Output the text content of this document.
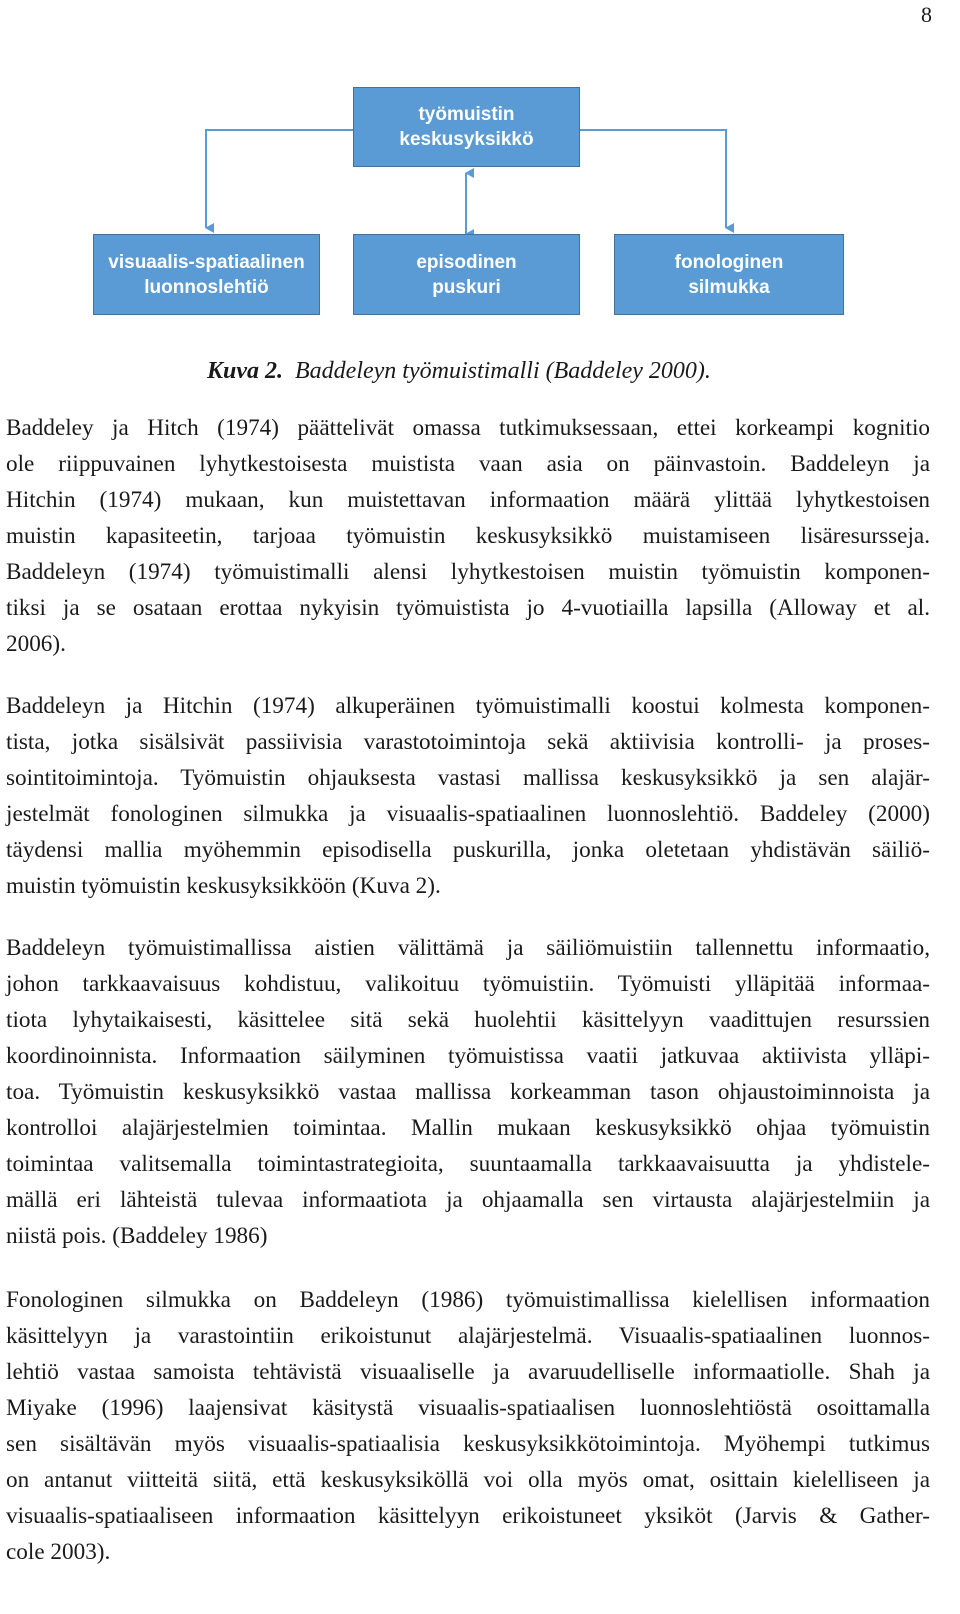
8
työmuistin
keskusyksikkö
visuaalis-spatiaalinen
luonnoslehtiö
episodinen
puskuri
fonologinen
silmukka
Kuva 2. Baddeleyn työmuistimalli (Baddeley 2000).

Baddeley ja Hitch (1974) päättelivät omassa tutkimuksessaan, ettei korkeampi kognitio
ole riippuvainen lyhytkestoisesta muistista vaan asia on päinvastoin. Baddeleyn ja
Hitchin (1974) mukaan, kun muistettavan informaation määrä ylittää lyhytkestoisen
muistin kapasiteetin, tarjoaa työmuistin keskusyksikkö muistamiseen lisäresursseja.
Baddeleyn (1974) työmuistimalli alensi lyhytkestoisen muistin työmuistin komponen-
tiksi ja se osataan erottaa nykyisin työmuistista jo 4-vuotiailla lapsilla (Alloway et al.
2006).

Baddeleyn ja Hitchin (1974) alkuperäinen työmuistimalli koostui kolmesta komponen-
tista, jotka sisälsivät passiivisia varastotoimintoja sekä aktiivisia kontrolli- ja proses-
sointitoimintoja. Työmuistin ohjauksesta vastasi mallissa keskusyksikkö ja sen alajär-
jestelmät fonologinen silmukka ja visuaalis-spatiaalinen luonnoslehtiö. Baddeley (2000)
täydensi mallia myöhemmin episodisella puskurilla, jonka oletetaan yhdistävän säiliö-
muistin työmuistin keskusyksikköön (Kuva 2).

Baddeleyn työmuistimallissa aistien välittämä ja säiliömuistiin tallennettu informaatio,
johon tarkkaavaisuus kohdistuu, valikoituu työmuistiin. Työmuisti ylläpitää informaa-
tiota lyhytaikaisesti, käsittelee sitä sekä huolehtii käsittelyyn vaadittujen resurssien
koordinoinnista. Informaation säilyminen työmuistissa vaatii jatkuvaa aktiivista ylläpi-
toa. Työmuistin keskusyksikkö vastaa mallissa korkeamman tason ohjaustoiminnoista ja
kontrolloi alajärjestelmien toimintaa. Mallin mukaan keskusyksikkö ohjaa työmuistin
toimintaa valitsemalla toimintastrategioita, suuntaamalla tarkkaavaisuutta ja yhdistele-
mällä eri lähteistä tulevaa informaatiota ja ohjaamalla sen virtausta alajärjestelmiin ja
niistä pois. (Baddeley 1986)

Fonologinen silmukka on Baddeleyn (1986) työmuistimallissa kielellisen informaation
käsittelyyn ja varastointiin erikoistunut alajärjestelmä. Visuaalis-spatiaalinen luonnos-
lehtiö vastaa samoista tehtävistä visuaaliselle ja avaruudelliselle informaatiolle. Shah ja
Miyake (1996) laajensivat käsitystä visuaalis-spatiaalisen luonnoslehtiöstä osoittamalla
sen sisältävän myös visuaalis-spatiaalisia keskusyksikkötoimintoja. Myöhempi tutkimus
on antanut viitteitä siitä, että keskusyksiköllä voi olla myös omat, osittain kielelliseen ja
visuaalis-spatiaaliseen informaation käsittelyyn erikoistuneet yksiköt (Jarvis & Gather-
cole 2003).
